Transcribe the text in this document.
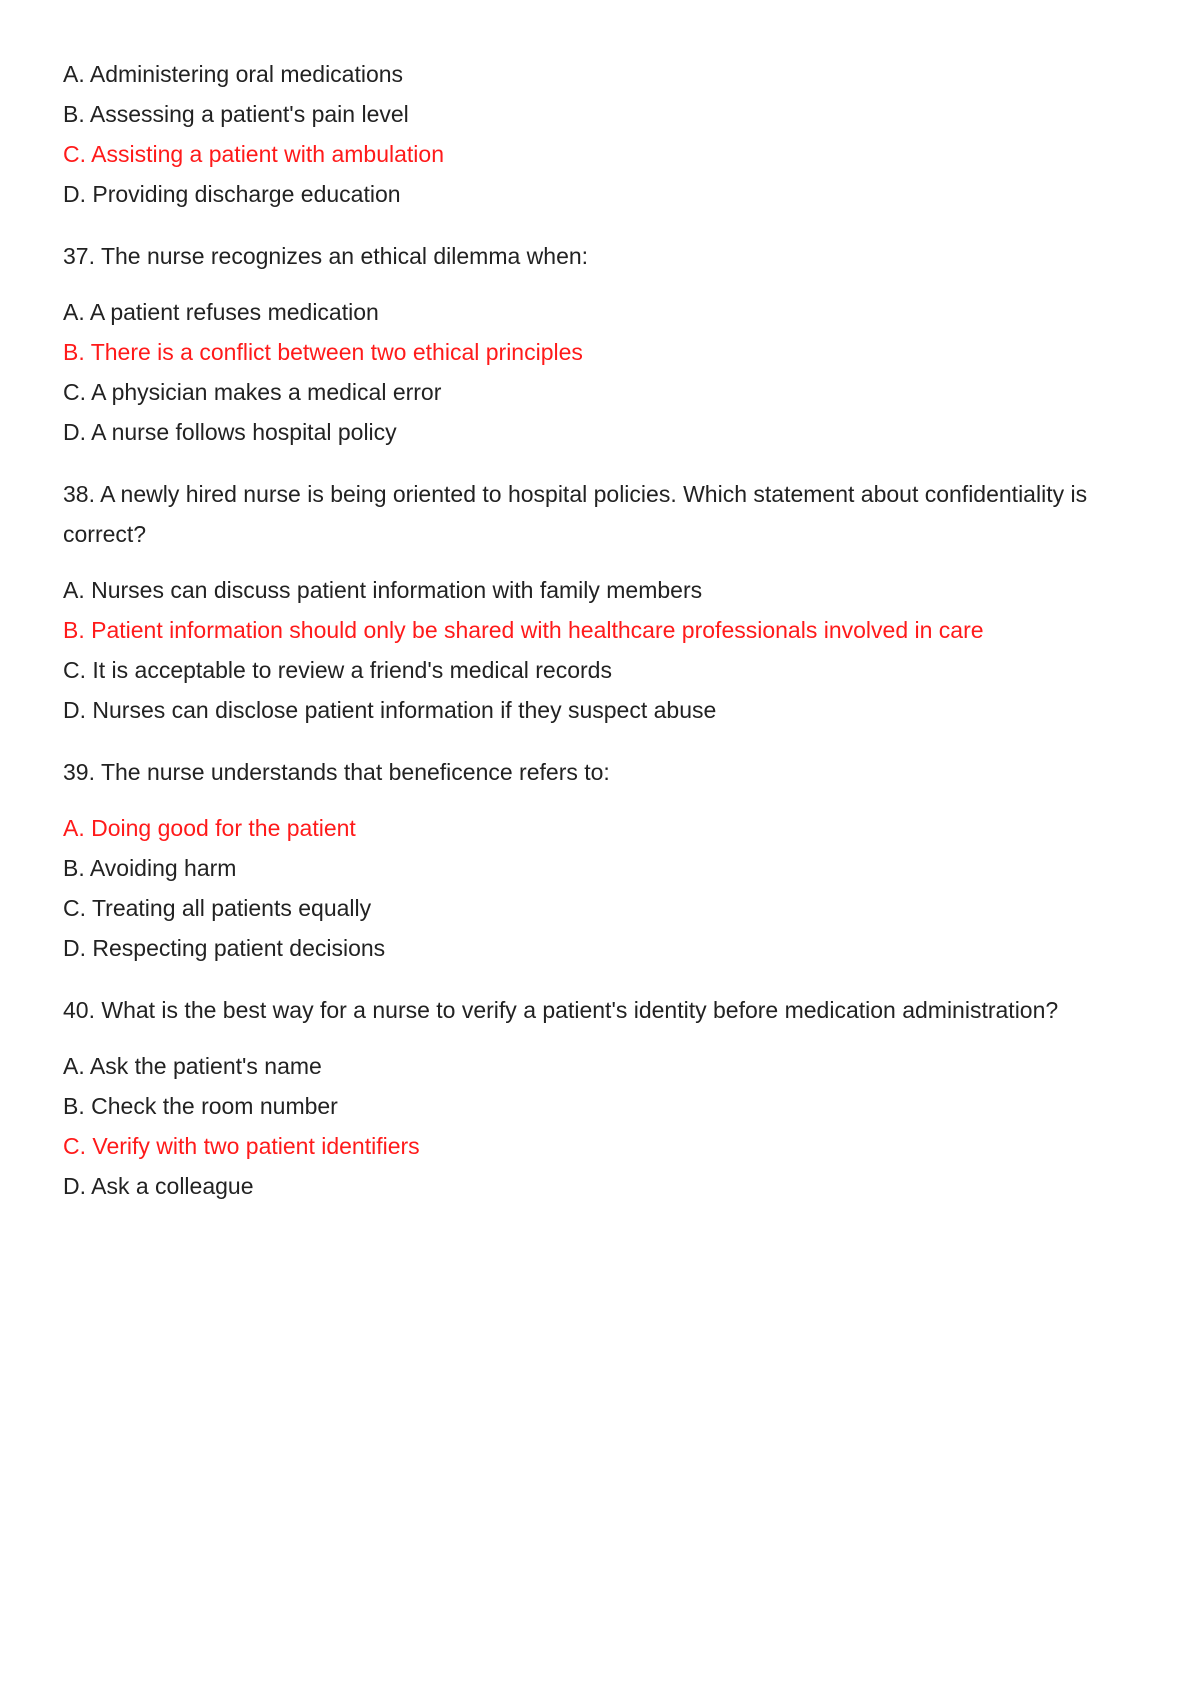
A. Administering oral medications
B. Assessing a patient's pain level
C. Assisting a patient with ambulation
D. Providing discharge education
37. The nurse recognizes an ethical dilemma when:
A. A patient refuses medication
B. There is a conflict between two ethical principles
C. A physician makes a medical error
D. A nurse follows hospital policy
38. A newly hired nurse is being oriented to hospital policies. Which statement about confidentiality is correct?
A. Nurses can discuss patient information with family members
B. Patient information should only be shared with healthcare professionals involved in care
C. It is acceptable to review a friend's medical records
D. Nurses can disclose patient information if they suspect abuse
39. The nurse understands that beneficence refers to:
A. Doing good for the patient
B. Avoiding harm
C. Treating all patients equally
D. Respecting patient decisions
40. What is the best way for a nurse to verify a patient's identity before medication administration?
A. Ask the patient's name
B. Check the room number
C. Verify with two patient identifiers
D. Ask a colleague
